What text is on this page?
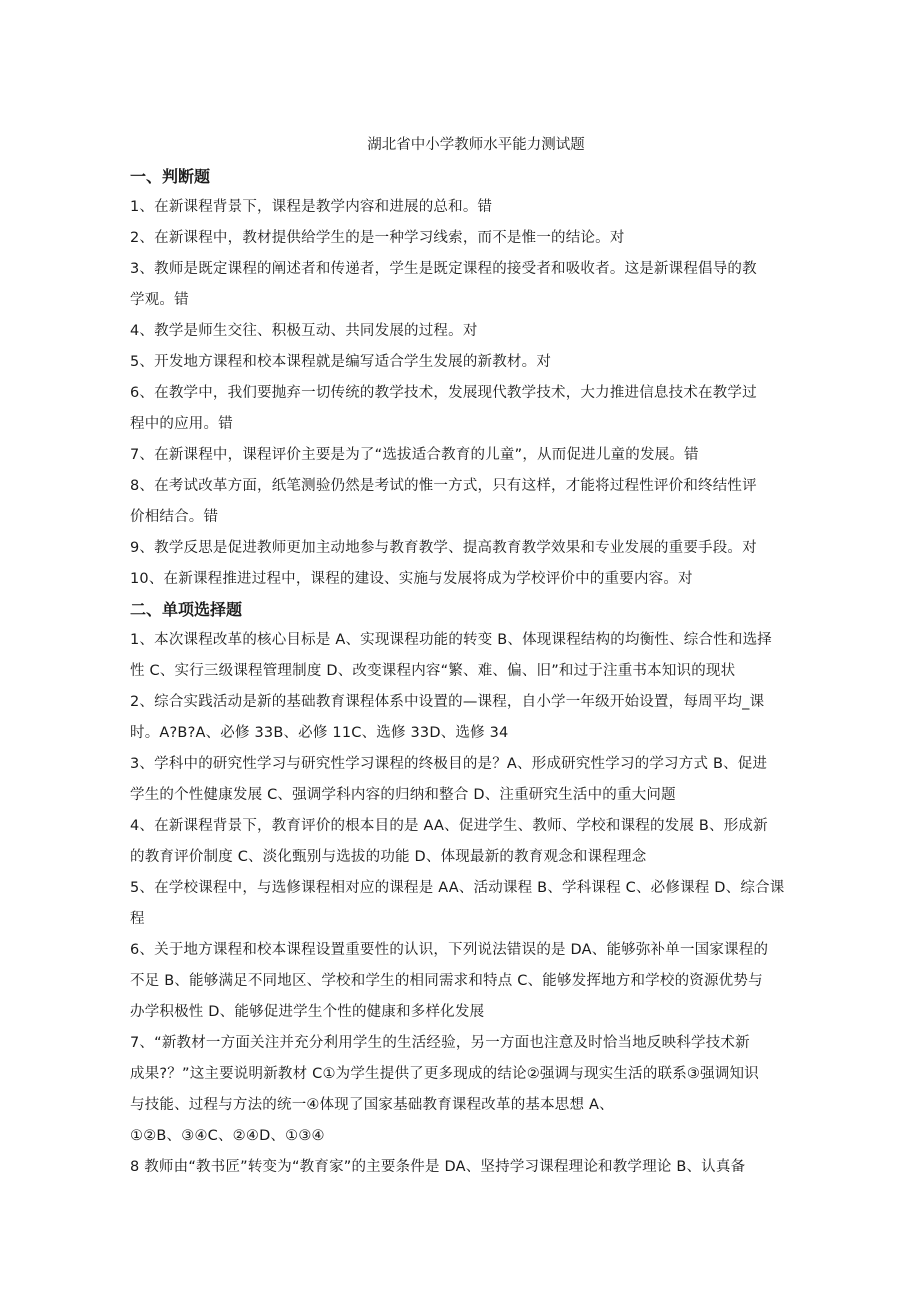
湖北省中小学教师水平能力测试题
一、判断题
1、在新课程背景下，课程是教学内容和进展的总和。错
2、在新课程中，教材提供给学生的是一种学习线索，而不是惟一的结论。对
3、教师是既定课程的阐述者和传递者，学生是既定课程的接受者和吸收者。这是新课程倡导的教
学观。错
4、教学是师生交往、积极互动、共同发展的过程。对
5、开发地方课程和校本课程就是编写适合学生发展的新教材。对
6、在教学中，我们要抛弃一切传统的教学技术，发展现代教学技术，大力推进信息技术在教学过
程中的应用。错
7、在新课程中，课程评价主要是为了“选拔适合教育的儿童”，从而促进儿童的发展。错
8、在考试改革方面，纸笔测验仍然是考试的惟一方式，只有这样，才能将过程性评价和终结性评
价相结合。错
9、教学反思是促进教师更加主动地参与教育教学、提高教育教学效果和专业发展的重要手段。对
10、在新课程推进过程中，课程的建设、实施与发展将成为学校评价中的重要内容。对
二、单项选择题
1、本次课程改革的核心目标是 A、实现课程功能的转变 B、体现课程结构的均衡性、综合性和选择
性 C、实行三级课程管理制度 D、改变课程内容“繁、难、偏、旧”和过于注重书本知识的现状
2、综合实践活动是新的基础教育课程体系中设置的—课程，自小学一年级开始设置，每周平均_课
时。A?B?A、必修 33B、必修 11C、选修 33D、选修 34
3、学科中的研究性学习与研究性学习课程的终极目的是？A、形成研究性学习的学习方式 B、促进
学生的个性健康发展 C、强调学科内容的归纳和整合 D、注重研究生活中的重大问题
4、在新课程背景下，教育评价的根本目的是 AA、促进学生、教师、学校和课程的发展 B、形成新
的教育评价制度 C、淡化甄别与选拔的功能 D、体现最新的教育观念和课程理念
5、在学校课程中，与选修课程相对应的课程是 AA、活动课程 B、学科课程 C、必修课程 D、综合课
程
6、关于地方课程和校本课程设置重要性的认识，下列说法错误的是 DA、能够弥补单一国家课程的
不足 B、能够满足不同地区、学校和学生的相同需求和特点 C、能够发挥地方和学校的资源优势与
办学积极性 D、能够促进学生个性的健康和多样化发展
7、“新教材一方面关注并充分利用学生的生活经验，另一方面也注意及时恰当地反映科学技术新
成果?？”这主要说明新教材 C①为学生提供了更多现成的结论②强调与现实生活的联系③强调知识
与技能、过程与方法的统一④体现了国家基础教育课程改革的基本思想 A、
①②B、③④C、②④D、①③④
8 教师由“教书匠”转变为“教育家”的主要条件是 DA、坚持学习课程理论和教学理论 B、认真备
